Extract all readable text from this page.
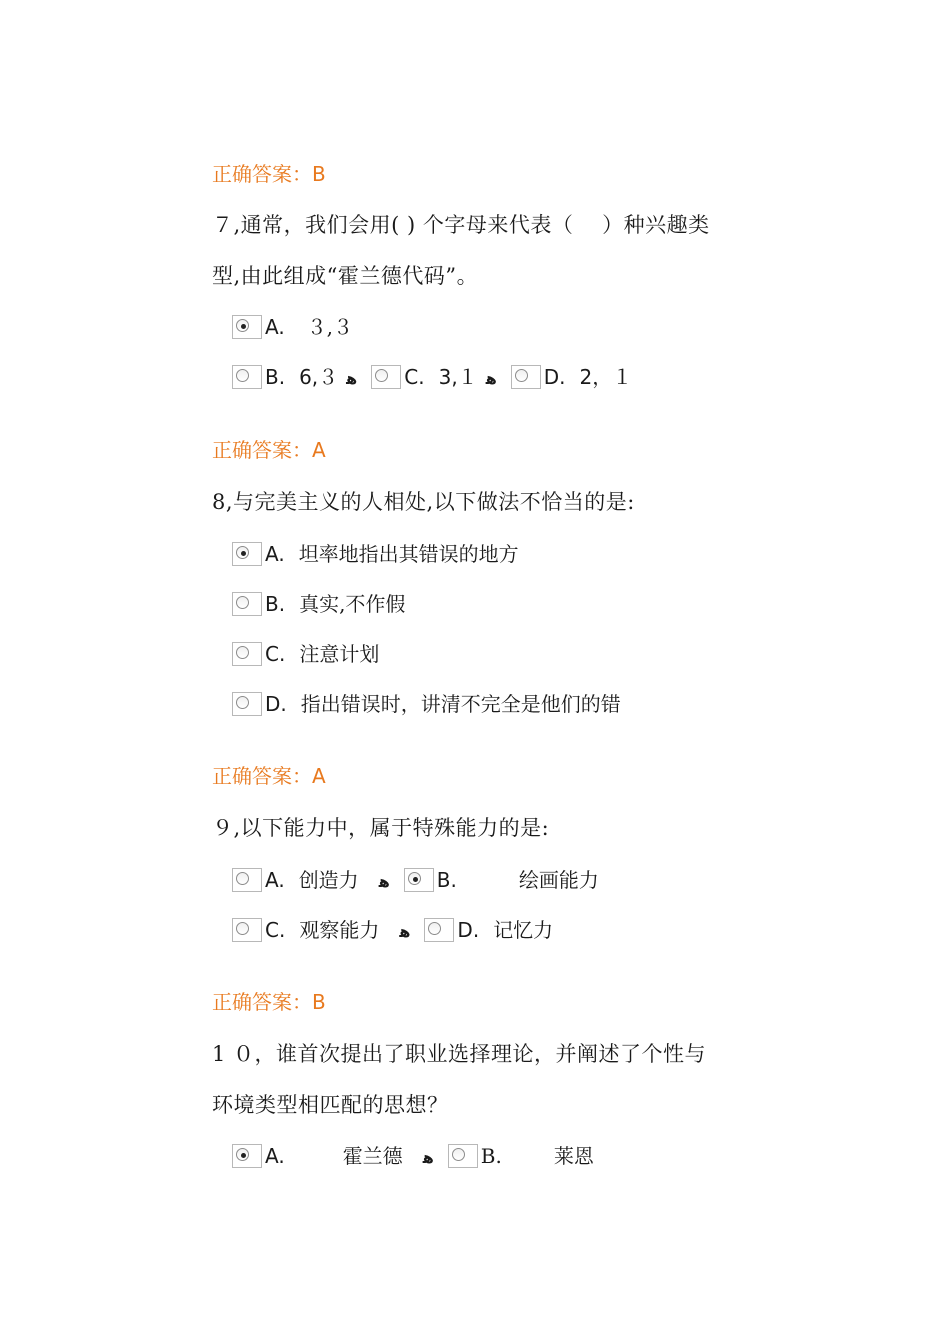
正确答案：B
７,通常，我们会用( ) 个字母来代表（　 ）种兴趣类
型,由此组成“霍兰德代码”。
A. ３,３
B. 6,３ ﻫ C. 3,１ ﻫ D. 2，１
正确答案：A
8,与完美主义的人相处,以下做法不恰当的是:
A. 坦率地指出其错误的地方
B. 真实,不作假
C. 注意计划
D. 指出错误时，讲清不完全是他们的错
正确答案：A
９,以下能力中，属于特殊能力的是:
A. 创造力 ﻫ B.	绘画能力
C. 观察能力 ﻫ D. 记忆力
正确答案：B
1 ０，谁首次提出了职业选择理论，并阐述了个性与
环境类型相匹配的思想？
A.	霍兰德 ﻫ B.	莱恩
